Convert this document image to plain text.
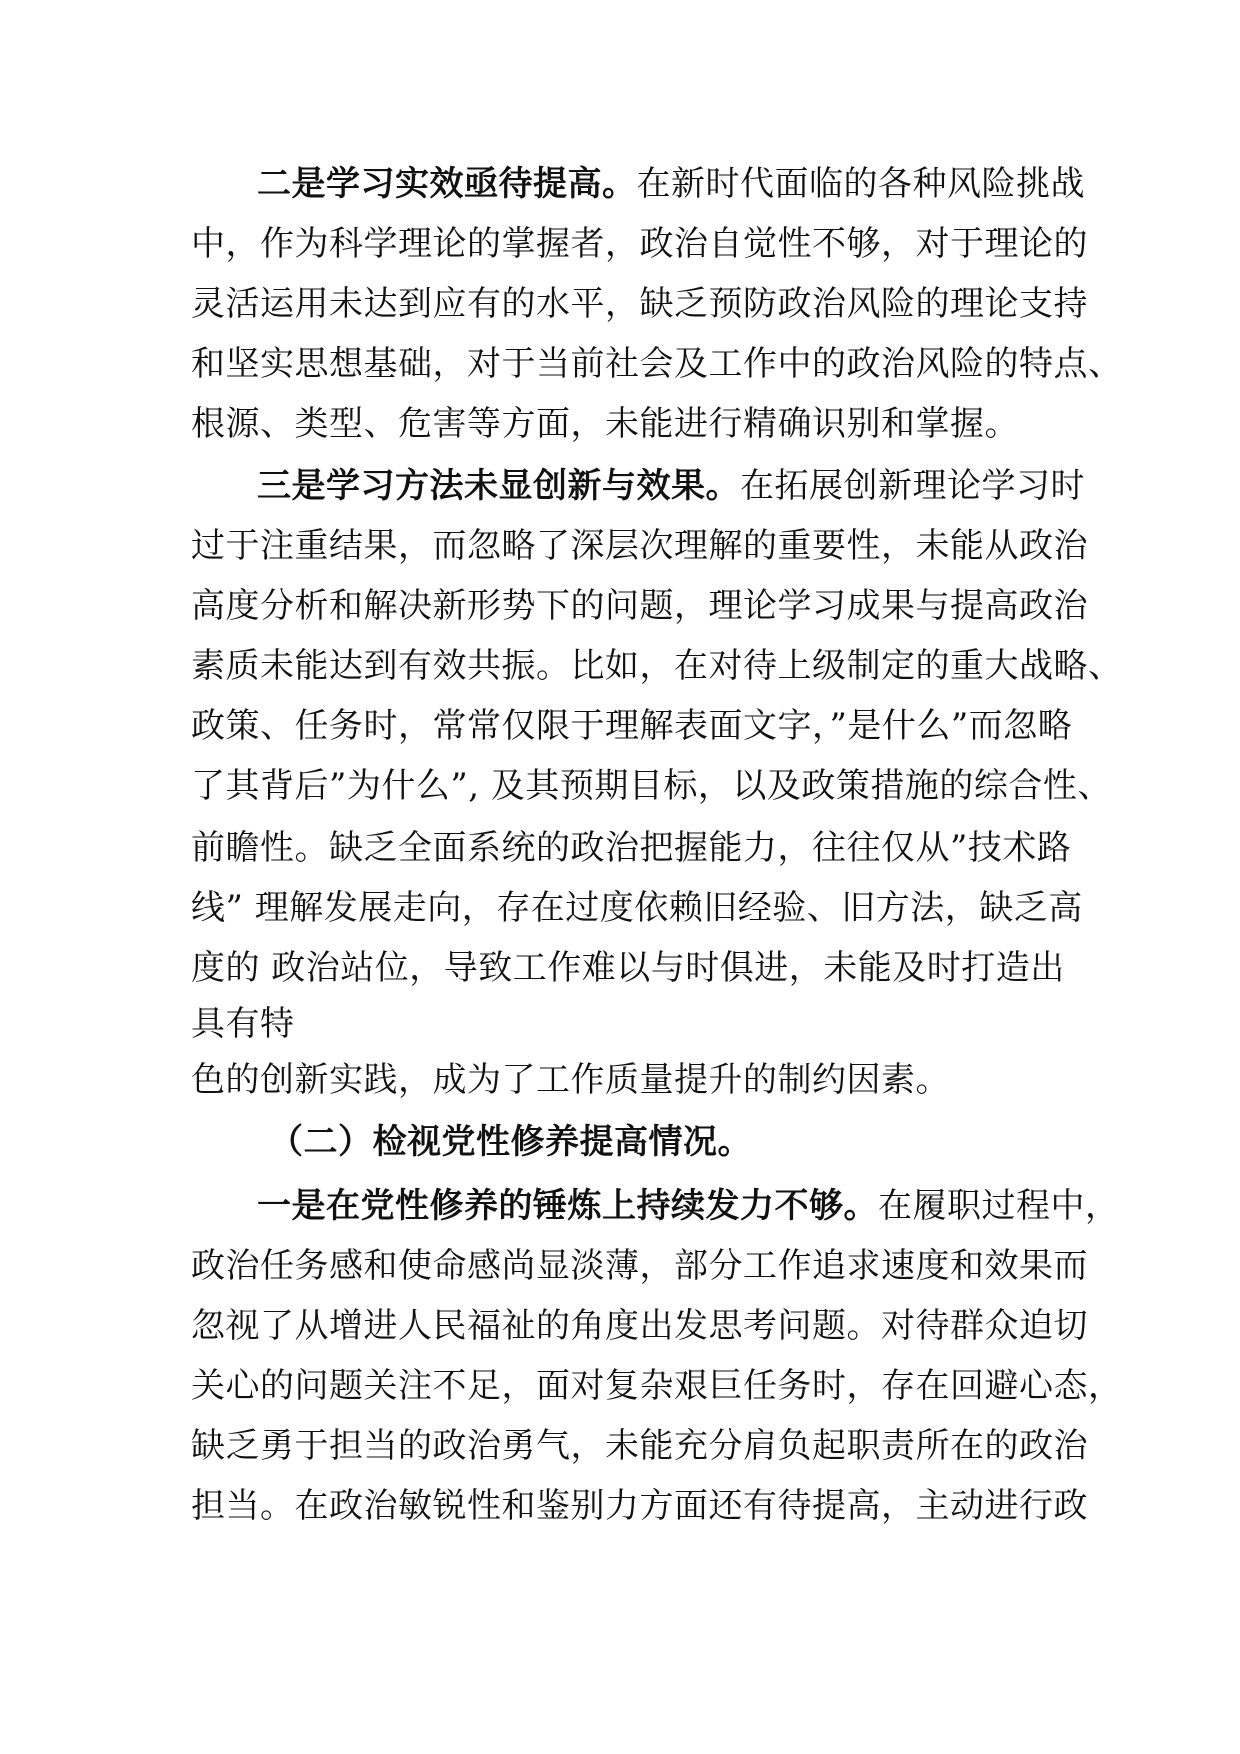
二是学习实效亟待提高。在新时代面临的各种风险挑战
中，作为科学理论的掌握者，政治自觉性不够，对于理论的
灵活运用未达到应有的水平，缺乏预防政治风险的理论支持
和坚实思想基础，对于当前社会及工作中的政治风险的特点、
根源、类型、危害等方面，未能进行精确识别和掌握。
三是学习方法未显创新与效果。在拓展创新理论学习时
过于注重结果，而忽略了深层次理解的重要性，未能从政治
高度分析和解决新形势下的问题，理论学习成果与提高政治
素质未能达到有效共振。比如，在对待上级制定的重大战略、
政策、任务时，常常仅限于理解表面文字，”是什么”而忽略
了其背后”为什么”, 及其预期目标，以及政策措施的综合性、
前瞻性。缺乏全面系统的政治把握能力，往往仅从”技术路
线” 理解发展走向，存在过度依赖旧经验、旧方法，缺乏高
度的 政治站位，导致工作难以与时俱进，未能及时打造出
具有特
色的创新实践，成为了工作质量提升的制约因素。
（二）检视党性修养提高情况。
一是在党性修养的锤炼上持续发力不够。在履职过程中，
政治任务感和使命感尚显淡薄，部分工作追求速度和效果而
忽视了从增进人民福祉的角度出发思考问题。对待群众迫切
关心的问题关注不足，面对复杂艰巨任务时，存在回避心态，
缺乏勇于担当的政治勇气，未能充分肩负起职责所在的政治
担当。在政治敏锐性和鉴别力方面还有待提高，主动进行政
